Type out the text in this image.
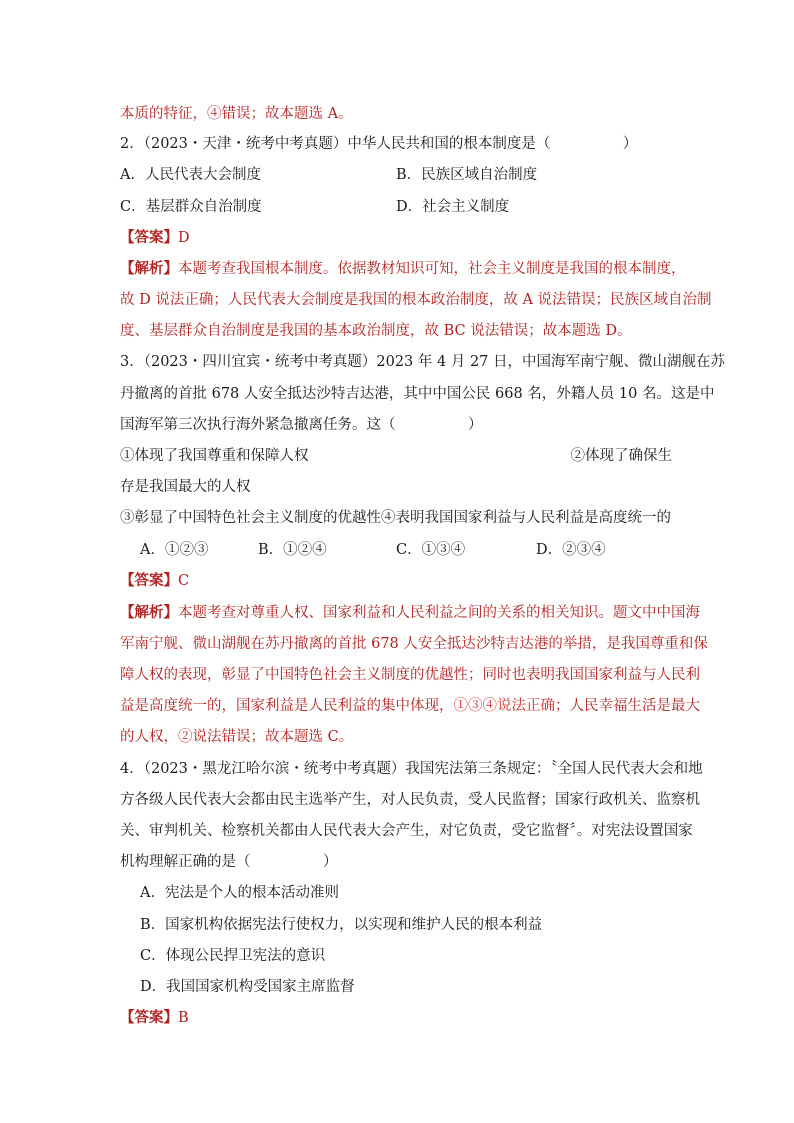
本质的特征，④错误；故本题选 A。
2．（2023・天津・统考中考真题）中华人民共和国的根本制度是（　　　　　）
A．人民代表大会制度	B．民族区域自治制度
C．基层群众自治制度	D．社会主义制度
【答案】D
【解析】本题考查我国根本制度。依据教材知识可知，社会主义制度是我国的根本制度，
故 D 说法正确；人民代表大会制度是我国的根本政治制度，故 A 说法错误；民族区域自治制
度、基层群众自治制度是我国的基本政治制度，故 BC 说法错误；故本题选 D。
3．（2023・四川宜宾・统考中考真题）2023 年 4 月 27 日，中国海军南宁舰、微山湖舰在苏
丹撤离的首批 678 人安全抵达沙特吉达港，其中中国公民 668 名，外籍人员 10 名。这是中
国海军第三次执行海外紧急撤离任务。这（　　　　　）
①体现了我国尊重和保障人权	②体现了确保生
存是我国最大的人权
③彰显了中国特色社会主义制度的优越性④表明我国国家利益与人民利益是高度统一的
A．①②③	B．①②④	C．①③④	D．②③④
【答案】C
【解析】本题考查对尊重人权、国家利益和人民利益之间的关系的相关知识。题文中中国海
军南宁舰、微山湖舰在苏丹撤离的首批 678 人安全抵达沙特吉达港的举措，是我国尊重和保
障人权的表现，彰显了中国特色社会主义制度的优越性；同时也表明我国国家利益与人民利
益是高度统一的，国家利益是人民利益的集中体现，①③④说法正确；人民幸福生活是最大
的人权，②说法错误；故本题选 C。
4．（2023・黑龙江哈尔滨・统考中考真题）我国宪法第三条规定：〝全国人民代表大会和地
方各级人民代表大会都由民主选举产生，对人民负责，受人民监督；国家行政机关、监察机
关、审判机关、检察机关都由人民代表大会产生，对它负责，受它监督〞。对宪法设置国家
机构理解正确的是（　　　　　）
A．宪法是个人的根本活动准则
B．国家机构依据宪法行使权力，以实现和维护人民的根本利益
C．体现公民捍卫宪法的意识
D．我国国家机构受国家主席监督
【答案】B
